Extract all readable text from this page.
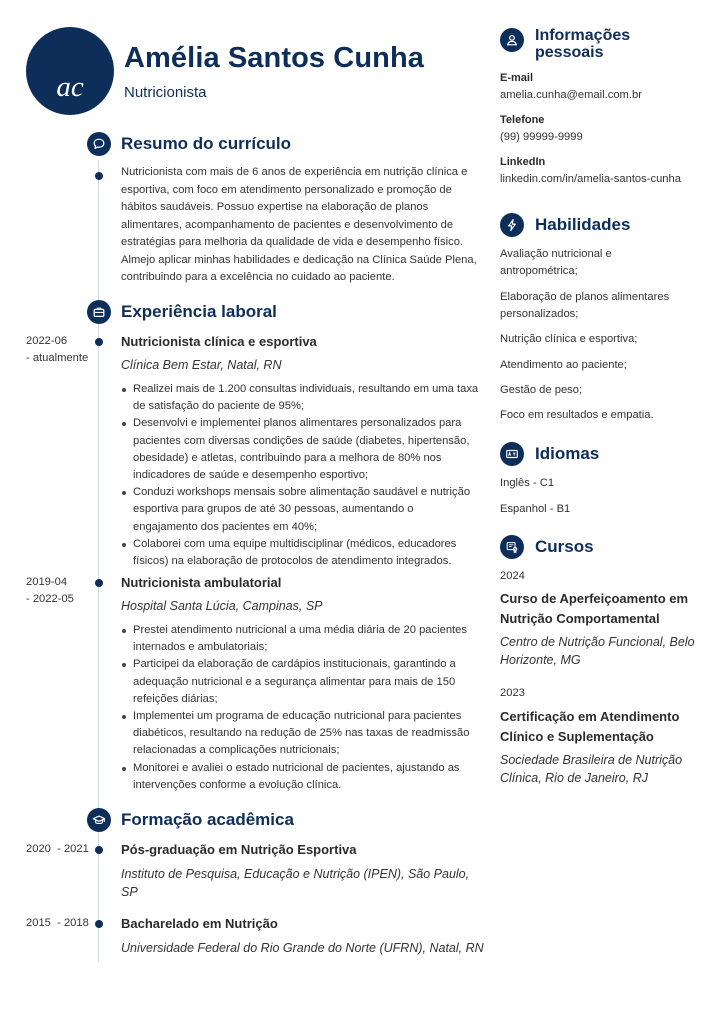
ac
Amélia Santos Cunha
Nutricionista
Resumo do currículo
Nutricionista com mais de 6 anos de experiência em nutrição clínica e esportiva, com foco em atendimento personalizado e promoção de hábitos saudáveis. Possuo expertise na elaboração de planos alimentares, acompanhamento de pacientes e desenvolvimento de estratégias para melhoria da qualidade de vida e desempenho físico. Almejo aplicar minhas habilidades e dedicação na Clínica Saúde Plena, contribuindo para a excelência no cuidado ao paciente.
Experiência laboral
2022-06
- atualmente
Nutricionista clínica e esportiva
Clínica Bem Estar, Natal, RN
Realizei mais de 1.200 consultas individuais, resultando em uma taxa de satisfação do paciente de 95%;
Desenvolvi e implementei planos alimentares personalizados para pacientes com diversas condições de saúde (diabetes, hipertensão, obesidade) e atletas, contribuindo para a melhora de 80% nos indicadores de saúde e desempenho esportivo;
Conduzi workshops mensais sobre alimentação saudável e nutrição esportiva para grupos de até 30 pessoas, aumentando o engajamento dos pacientes em 40%;
Colaborei com uma equipe multidisciplinar (médicos, educadores físicos) na elaboração de protocolos de atendimento integrados.
2019-04
- 2022-05
Nutricionista ambulatorial
Hospital Santa Lúcia, Campinas, SP
Prestei atendimento nutricional a uma média diária de 20 pacientes internados e ambulatoriais;
Participei da elaboração de cardápios institucionais, garantindo a adequação nutricional e a segurança alimentar para mais de 150 refeições diárias;
Implementei um programa de educação nutricional para pacientes diabéticos, resultando na redução de 25% nas taxas de readmissão relacionadas a complicações nutricionais;
Monitorei e avaliei o estado nutricional de pacientes, ajustando as intervenções conforme a evolução clínica.
Formação acadêmica
2020  - 2021 Pós-graduação em Nutrição Esportiva
Instituto de Pesquisa, Educação e Nutrição (IPEN), São Paulo, SP
2015  - 2018 Bacharelado em Nutrição
Universidade Federal do Rio Grande do Norte (UFRN), Natal, RN
Informações pessoais
E-mail
amelia.cunha@email.com.br
Telefone
(99) 99999-9999
LinkedIn
linkedin.com/in/amelia-santos-cunha
Habilidades
Avaliação nutricional e antropométrica;
Elaboração de planos alimentares personalizados;
Nutrição clínica e esportiva;
Atendimento ao paciente;
Gestão de peso;
Foco em resultados e empatia.
Idiomas
Inglês - C1
Espanhol - B1
Cursos
2024
Curso de Aperfeiçoamento em Nutrição Comportamental
Centro de Nutrição Funcional, Belo Horizonte, MG
2023
Certificação em Atendimento Clínico e Suplementação
Sociedade Brasileira de Nutrição Clínica, Rio de Janeiro, RJ
